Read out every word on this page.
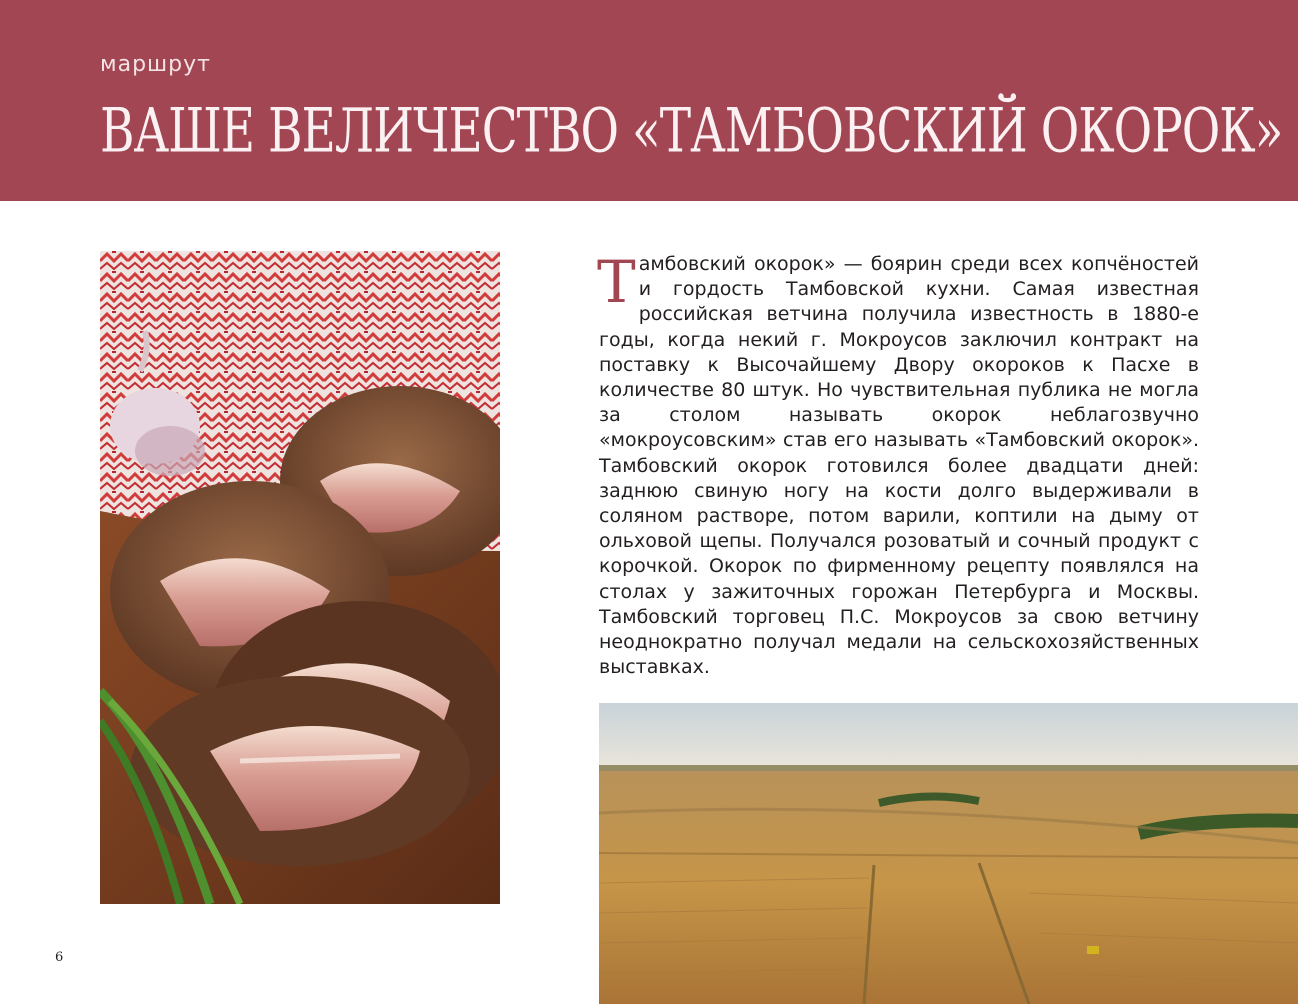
маршрут
ВАШЕ ВЕЛИЧЕСТВО «ТАМБОВСКИЙ ОКОРОК»
Тамбовский окорок» — боярин среди всех копчёностей и гордость Тамбовской кухни. Самая известная российская ветчина получила известность в 1880-е годы, когда некий г. Мокроусов заключил контракт на поставку к Высочайшему Двору окороков к Пасхе в количестве 80 штук. Но чувствительная публика не могла за столом называть окорок неблагозвучно «мокроусовским» став его называть «Тамбовский окорок». Тамбовский окорок готовился более двадцати дней: заднюю свиную ногу на кости долго выдерживали в соляном растворе, потом варили, коптили на дыму от ольховой щепы. Получался розоватый и сочный продукт с корочкой. Окорок по фирменному рецепту появлялся на столах у зажиточных горожан Петербурга и Москвы. Тамбовский торговец П.С. Мокроусов за свою ветчину неоднократно получал медали на сельскохозяйственных выставках.
6
